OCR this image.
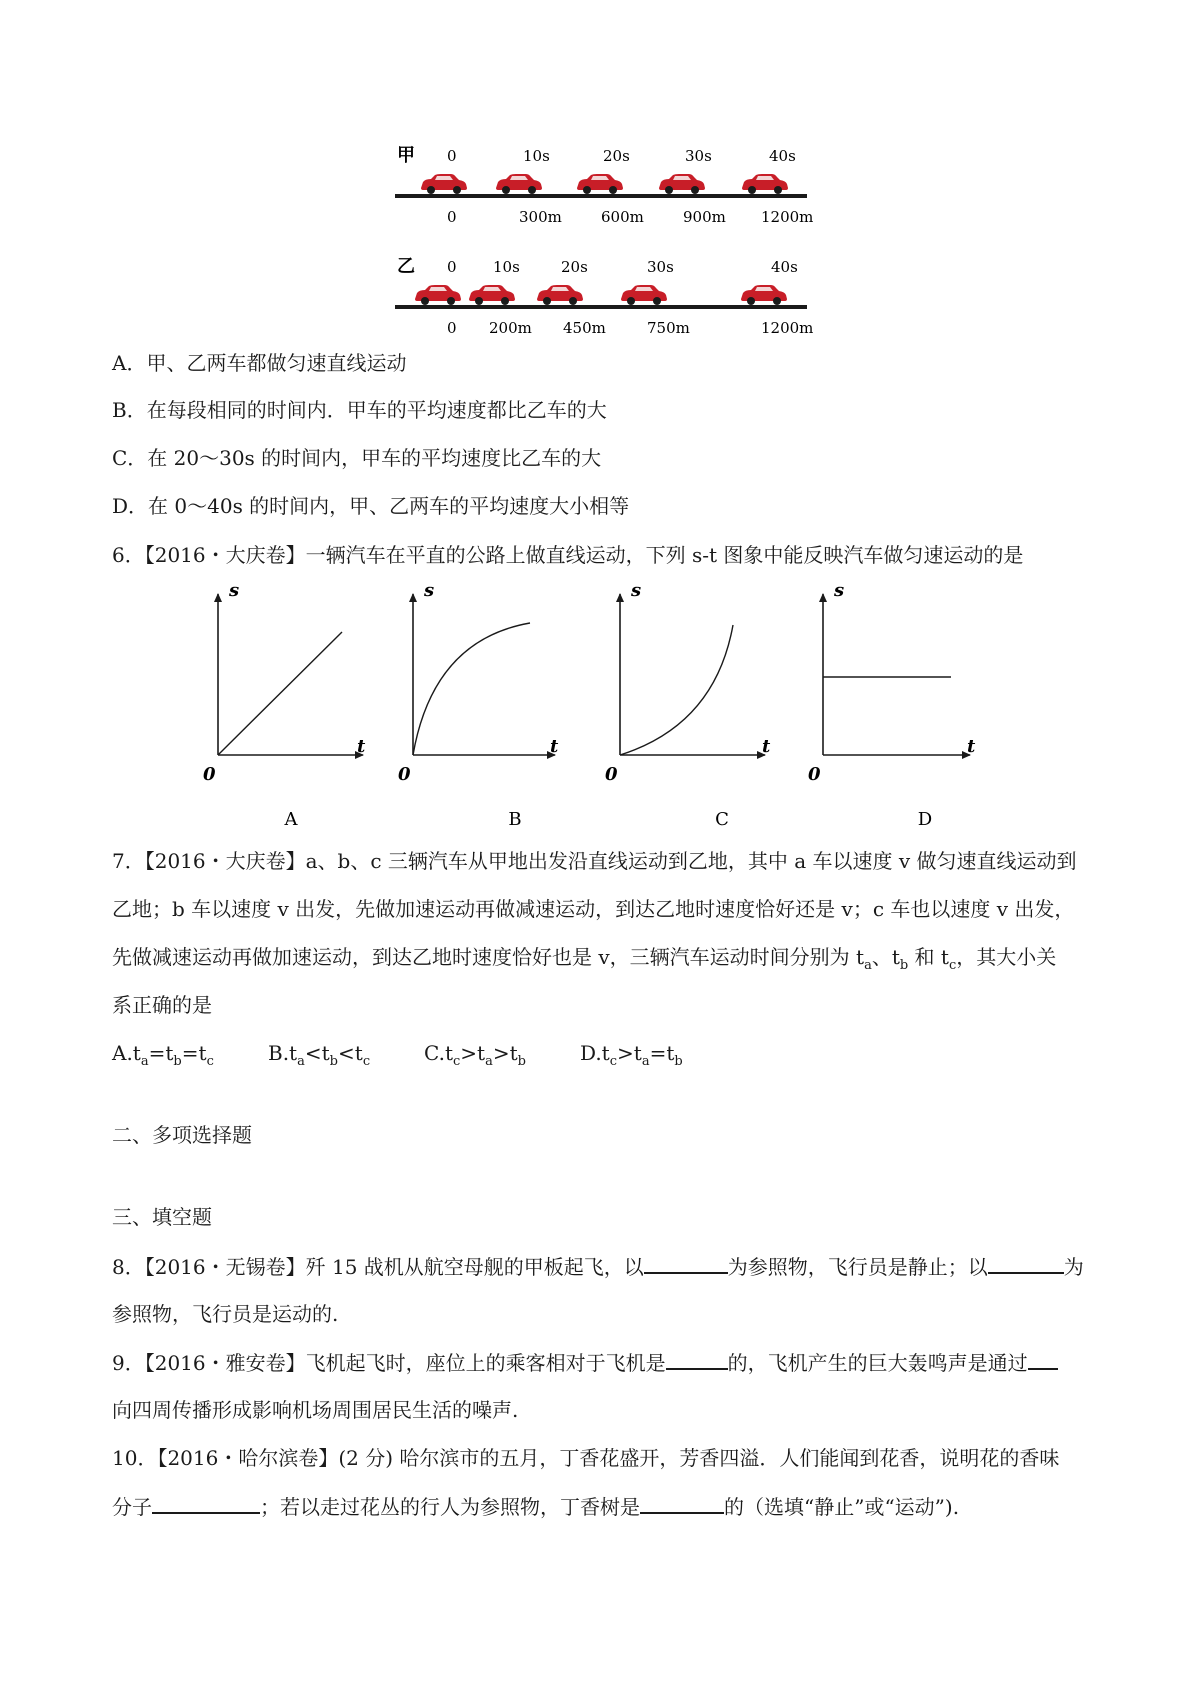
甲 0	10s	20s	30s	40s
0	300m	600m	900m 1200m
乙 0 10s	20s	30s	40s
0 200m 450m	750m	1200m
A．甲、乙两车都做匀速直线运动
B．在每段相同的时间内．甲车的平均速度都比乙车的大
C．在 20～30s 的时间内，甲车的平均速度比乙车的大
D．在 0～40s 的时间内，甲、乙两车的平均速度大小相等
6．【2016・大庆卷】一辆汽车在平直的公路上做直线运动，下列 s-t 图象中能反映汽车做匀速运动的是
s
t
0
A
s
t
0
B
s
t
0
C
s
t
0
D
7．【2016・大庆卷】a、b、c 三辆汽车从甲地出发沿直线运动到乙地，其中 a 车以速度 v 做匀速直线运动到
乙地；b 车以速度 v 出发，先做加速运动再做减速运动，到达乙地时速度恰好还是 v；c 车也以速度 v 出发，
先做减速运动再做加速运动，到达乙地时速度恰好也是 v，三辆汽车运动时间分别为 $t_a$、$t_b$ 和 $t_c$，其大小关
系正确的是
$A.t_a=t_b=t_c$	$B.t_a<t_b<t_c$	$C.t_c>t_a>t_b$	$D.t_c>t_a=t_b$
二、多项选择题
三、填空题
8．【2016・无锡卷】歼 15 战机从航空母舰的甲板起飞，以	为参照物，飞行员是静止；以	为
参照物，飞行员是运动的.
9．【2016・雅安卷】飞机起飞时，座位上的乘客相对于飞机是	的，飞机产生的巨大轰鸣声是通过
向四周传播形成影响机场周围居民生活的噪声.
10．【2016・哈尔滨卷】(2 分) 哈尔滨市的五月，丁香花盛开，芳香四溢．人们能闻到花香，说明花的香味
分子	；若以走过花丛的行人为参照物，丁香树是	的（选填“静止”或“运动”).
